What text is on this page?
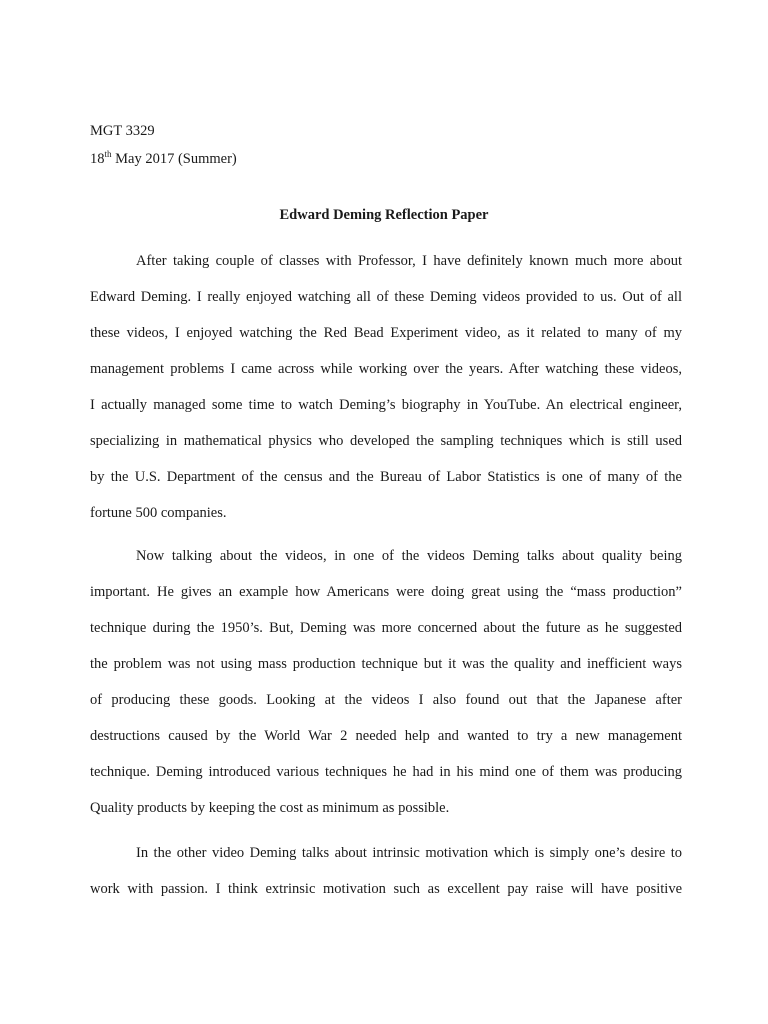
MGT 3329
18th May 2017 (Summer)
Edward Deming Reflection Paper
After taking couple of classes with Professor, I have definitely known much more about
Edward Deming. I really enjoyed watching all of these Deming videos provided to us. Out of all
these videos, I enjoyed watching the Red Bead Experiment video, as it related to many of my
management problems I came across while working over the years. After watching these videos,
I actually managed some time to watch Deming’s biography in YouTube. An electrical engineer,
specializing in mathematical physics who developed the sampling techniques which is still used
by the U.S. Department of the census and the Bureau of Labor Statistics is one of many of the
fortune 500 companies.
Now talking about the videos, in one of the videos Deming talks about quality being
important. He gives an example how Americans were doing great using the “mass production”
technique during the 1950’s. But, Deming was more concerned about the future as he suggested
the problem was not using mass production technique but it was the quality and inefficient ways
of producing these goods. Looking at the videos I also found out that the Japanese after
destructions caused by the World War 2 needed help and wanted to try a new management
technique. Deming introduced various techniques he had in his mind one of them was producing
Quality products by keeping the cost as minimum as possible.
In the other video Deming talks about intrinsic motivation which is simply one’s desire to
work with passion. I think extrinsic motivation such as excellent pay raise will have positive
